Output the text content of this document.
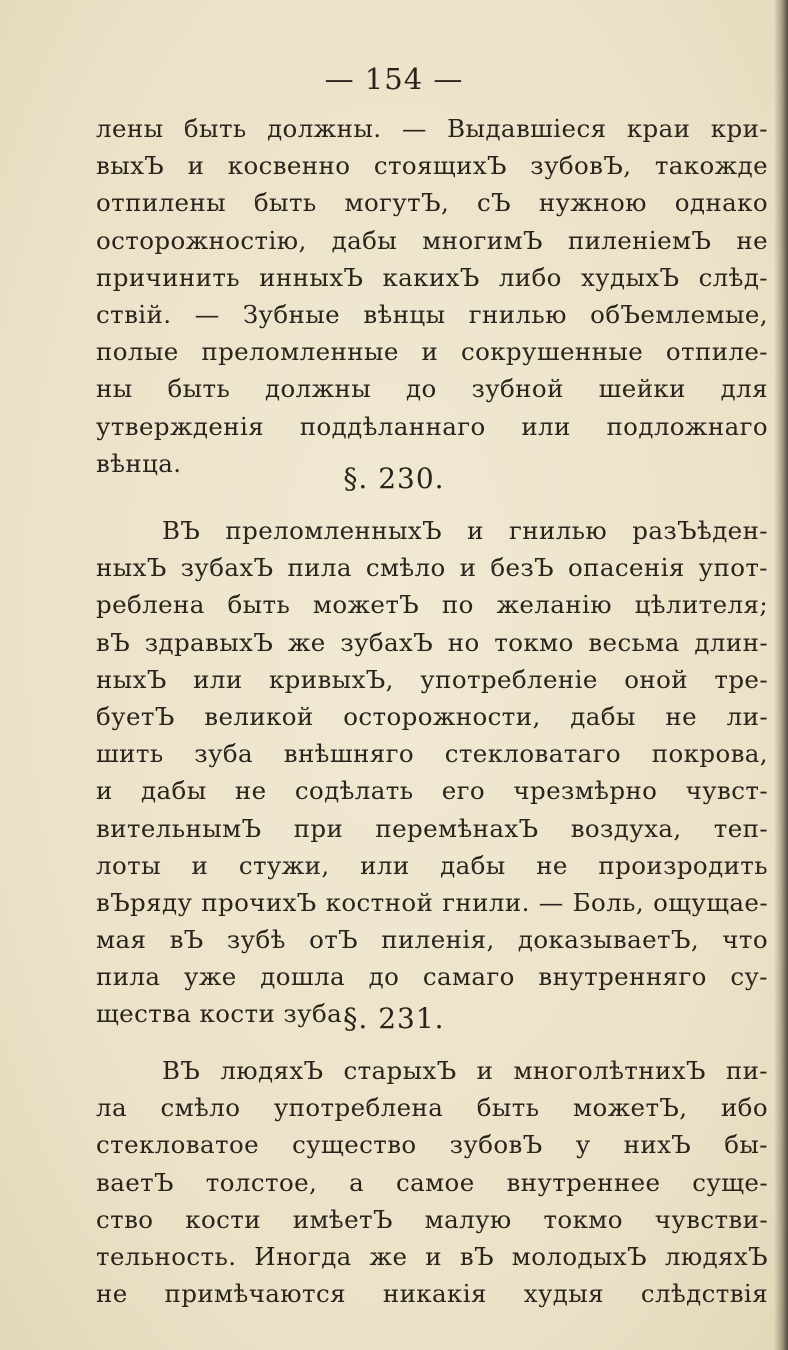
— 154 —
лены быть должны. — Выдавшіеся краи кри-
выхЪ и косвенно стоящихЪ зубовЪ, такожде
отпилены быть могутЪ, сЪ нужною однако
осторожностію, дабы многимЪ пиленіемЪ не
причинить инныхЪ какихЪ либо худыхЪ слѣд-
ствій. — Зубные вѣнцы гнилью обЪемлемые,
полые преломленные и сокрушенные отпиле-
ны быть должны до зубной шейки для
утвержденія поддѣланнаго или подложнаго
вѣнца.	§. 230.
ВЪ преломленныхЪ и гнилью разЪѣден-
ныхЪ зубахЪ пила смѣло и безЪ опасенія упот-
реблена быть можетЪ по желанію цѣлителя;
вЪ здравыхЪ же зубахЪ но токмо весьма длин-
ныхЪ или кривыхЪ, употребленіе оной тре-
буетЪ великой осторожности, дабы не ли-
шить зуба внѣшняго стекловатаго покрова,
и дабы не содѣлать его чрезмѣрно чувст-
вительнымЪ при перемѣнахЪ воздуха, теп-
лоты и стужи, или дабы не произродить
вЪряду прочихЪ костной гнили. — Боль, ощущае-
мая вЪ зубѣ отЪ пиленія, доказываетЪ, что
пила уже дошла до самаго внутренняго су-
щества кости зуба.
§. 231.
ВЪ людяхЪ старыхЪ и многолѣтнихЪ пи-
ла смѣло употреблена быть можетЪ, ибо
стекловатое существо зубовЪ у нихЪ бы-
ваетЪ толстое, а самое внутреннее суще-
ство кости имѣетЪ малую токмо чувстви-
тельность. Иногда же и вЪ молодыхЪ людяхЪ
не примѣчаются никакія худыя слѣдствія
